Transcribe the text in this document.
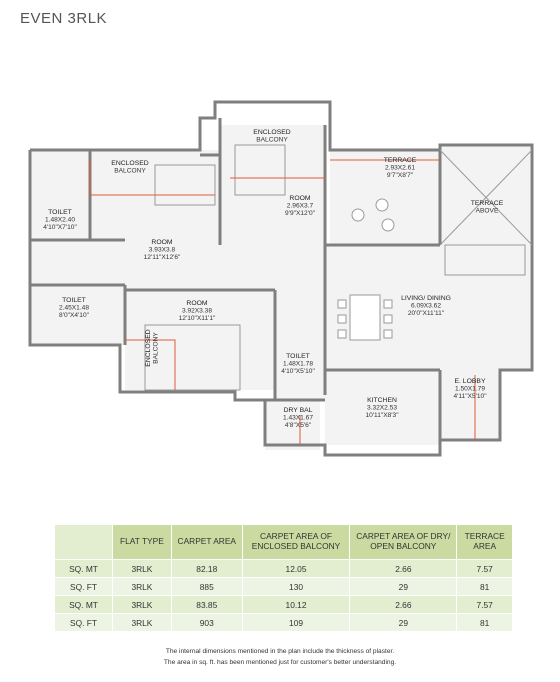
EVEN 3RLK
ENCLOSED BALCONY
ENCLOSED BALCONY
TERRACE 2.93X2.61 9'7"X8'7"
TERRACE ABOVE
ROOM 2.96X3.7 9'9"X12'0"
TOILET 1.48X2.40 4'10"X7'10"
ROOM 3.93X3.8 12'11"X12'6"
TOILET 2.45X1.48 8'0"X4'10"
ROOM 3.92X3.38 12'10"X11'1"
LIVING/ DINING 6.09X3.62 20'0"X11'11"
TOILET 1.48X1.78 4'10"X5'10"
KITCHEN 3.32X2.53 10'11"X8'3"
E. LOBBY 1.50X1.79 4'11"X5'10"
DRY BAL 1.43X1.67 4'8"X5'6"
ENCLOSEDBALCONY
	FLAT TYPE	CARPET AREA	CARPET AREA OF ENCLOSED BALCONY	CARPET AREA OF DRY/ OPEN BALCONY	TERRACE AREA
SQ. MT	3RLK	82.18	12.05	2.66	7.57
SQ. FT	3RLK	885	130	29	81
SQ. MT	3RLK	83.85	10.12	2.66	7.57
SQ. FT	3RLK	903	109	29	81
The internal dimensions mentioned in the plan include the thickness of plaster.
The area in sq. ft. has been mentioned just for customer's better understanding.
